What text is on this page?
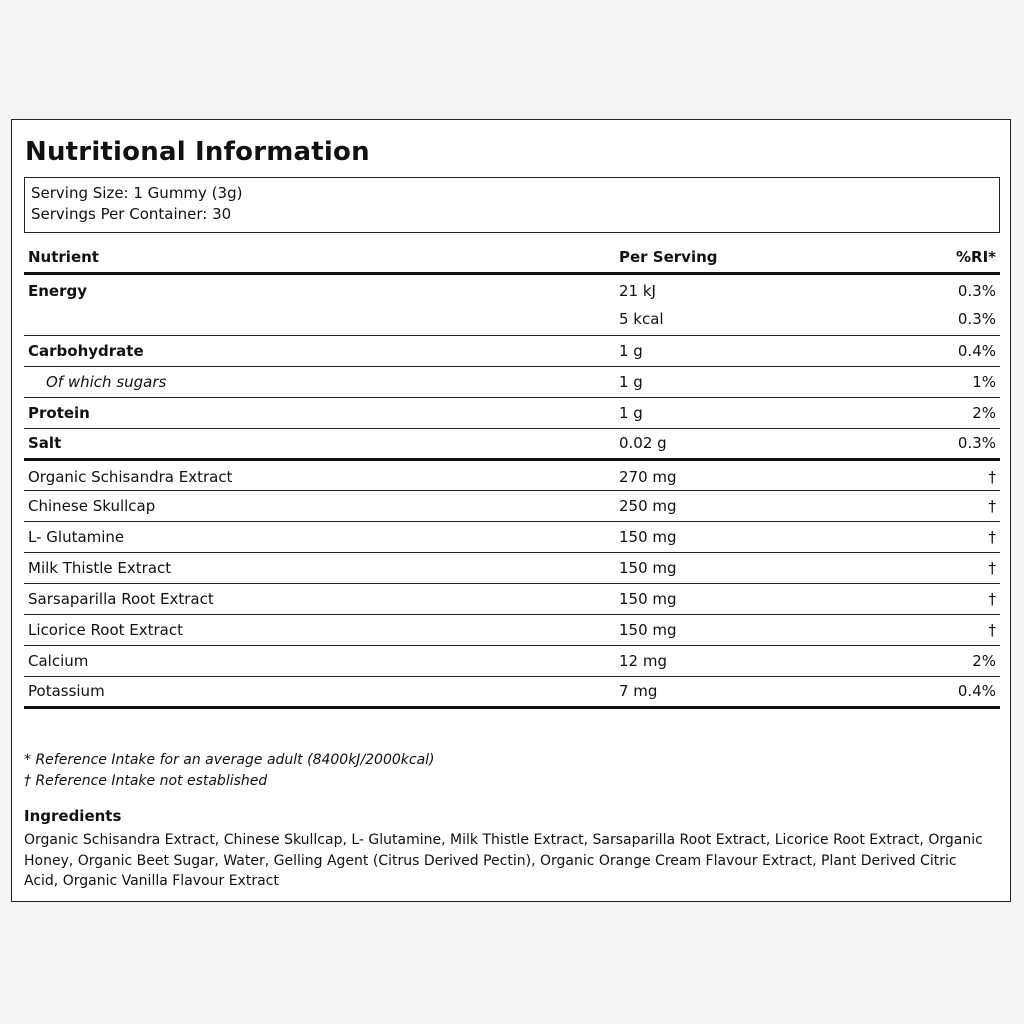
Nutritional Information
Serving Size: 1 Gummy (3g)
Servings Per Container: 30
Nutrient	Per Serving	%RI*
Energy	21 kJ	0.3%
	5 kcal	0.3%
Carbohydrate	1 g	0.4%
Of which sugars	1 g	1%
Protein	1 g	2%
Salt	0.02 g	0.3%
Organic Schisandra Extract	270 mg	†
Chinese Skullcap	250 mg	†
L- Glutamine	150 mg	†
Milk Thistle Extract	150 mg	†
Sarsaparilla Root Extract	150 mg	†
Licorice Root Extract	150 mg	†
Calcium	12 mg	2%
Potassium	7 mg	0.4%
* Reference Intake for an average adult (8400kJ/2000kcal)
† Reference Intake not established
Ingredients

Organic Schisandra Extract, Chinese Skullcap, L- Glutamine, Milk Thistle Extract, Sarsaparilla Root Extract, Licorice Root Extract, Organic Honey, Organic Beet Sugar, Water, Gelling Agent (Citrus Derived Pectin), Organic Orange Cream Flavour Extract, Plant Derived Citric Acid, Organic Vanilla Flavour Extract
